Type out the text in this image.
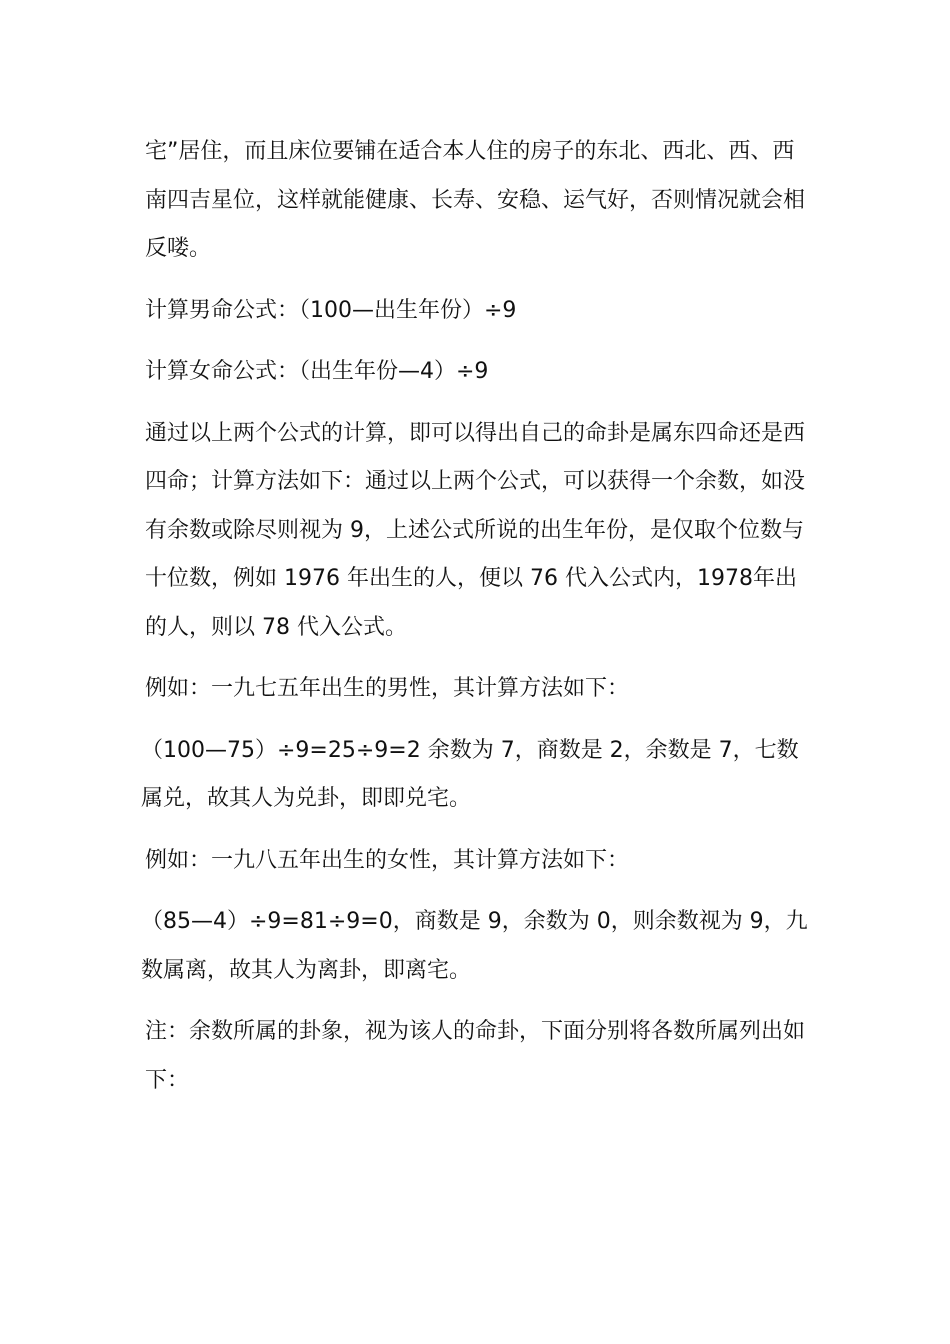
宅”居住，而且床位要铺在适合本人住的房子的东北、西北、西、西南四吉星位，这样就能健康、长寿、安稳、运气好，否则情况就会相反喽。

计算男命公式：（100—出生年份）÷9

计算女命公式：（出生年份—4）÷9

通过以上两个公式的计算，即可以得出自己的命卦是属东四命还是西四命；计算方法如下：通过以上两个公式，可以获得一个余数，如没有余数或除尽则视为 9，上述公式所说的出生年份，是仅取个位数与十位数，例如 1976 年出生的人，便以 76 代入公式内，1978年出的人，则以 78 代入公式。

例如：一九七五年出生的男性，其计算方法如下：

（100—75）÷9=25÷9=2 余数为 7，商数是 2，余数是 7，七数属兑，故其人为兑卦，即即兑宅。

例如：一九八五年出生的女性，其计算方法如下：

（85—4）÷9=81÷9=0，商数是 9，余数为 0，则余数视为 9，九数属离，故其人为离卦，即离宅。

注：余数所属的卦象，视为该人的命卦，下面分别将各数所属列出如下：
